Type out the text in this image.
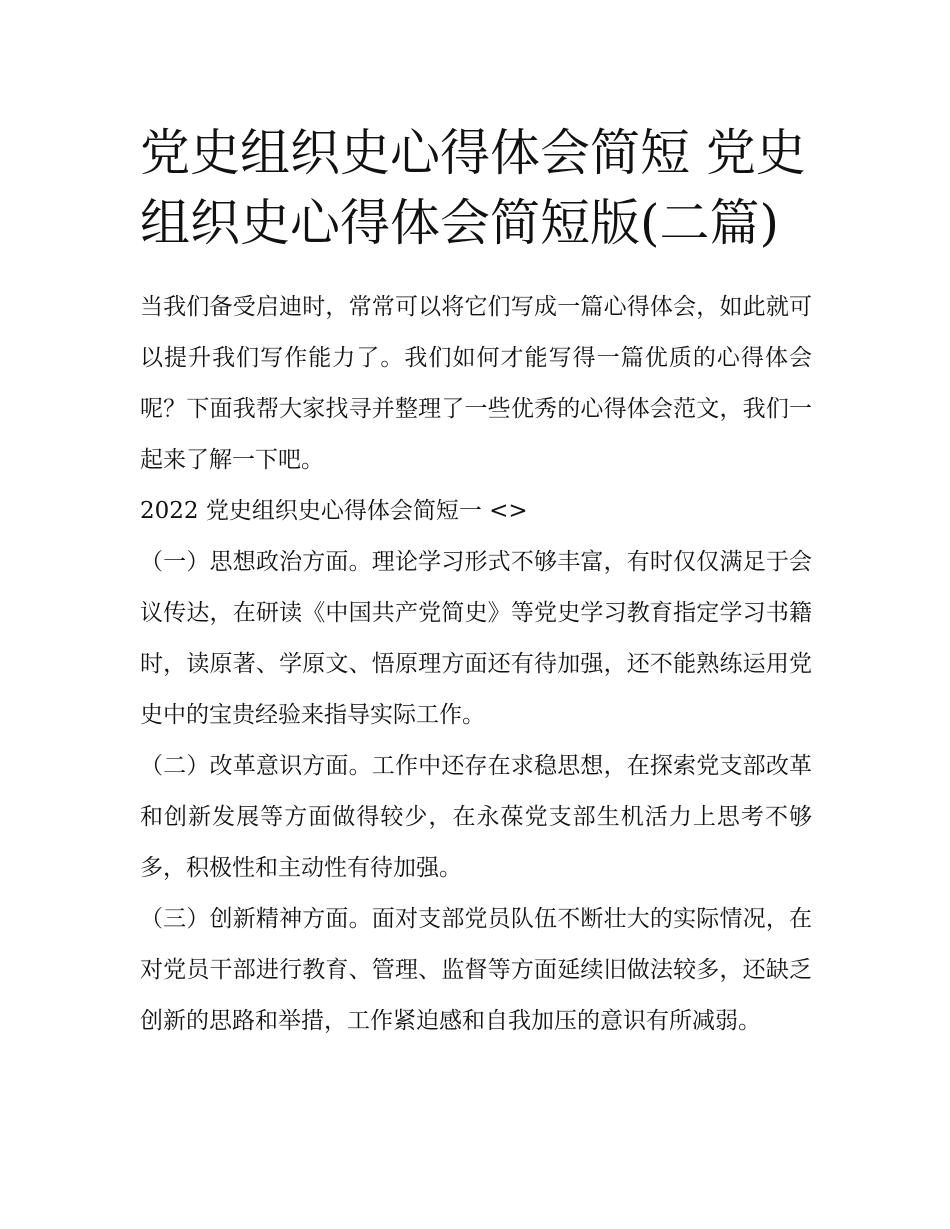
党史组织史心得体会简短 党史组织史心得体会简短版(二篇)

当我们备受启迪时，常常可以将它们写成一篇心得体会，如此就可以提升我们写作能力了。我们如何才能写得一篇优质的心得体会呢？下面我帮大家找寻并整理了一些优秀的心得体会范文，我们一起来了解一下吧。

2022 党史组织史心得体会简短一 <>

（一）思想政治方面。理论学习形式不够丰富，有时仅仅满足于会议传达，在研读《中国共产党简史》等党史学习教育指定学习书籍时，读原著、学原文、悟原理方面还有待加强，还不能熟练运用党史中的宝贵经验来指导实际工作。

（二）改革意识方面。工作中还存在求稳思想，在探索党支部改革和创新发展等方面做得较少，在永葆党支部生机活力上思考不够多，积极性和主动性有待加强。

（三）创新精神方面。面对支部党员队伍不断壮大的实际情况，在对党员干部进行教育、管理、监督等方面延续旧做法较多，还缺乏创新的思路和举措，工作紧迫感和自我加压的意识有所减弱。
